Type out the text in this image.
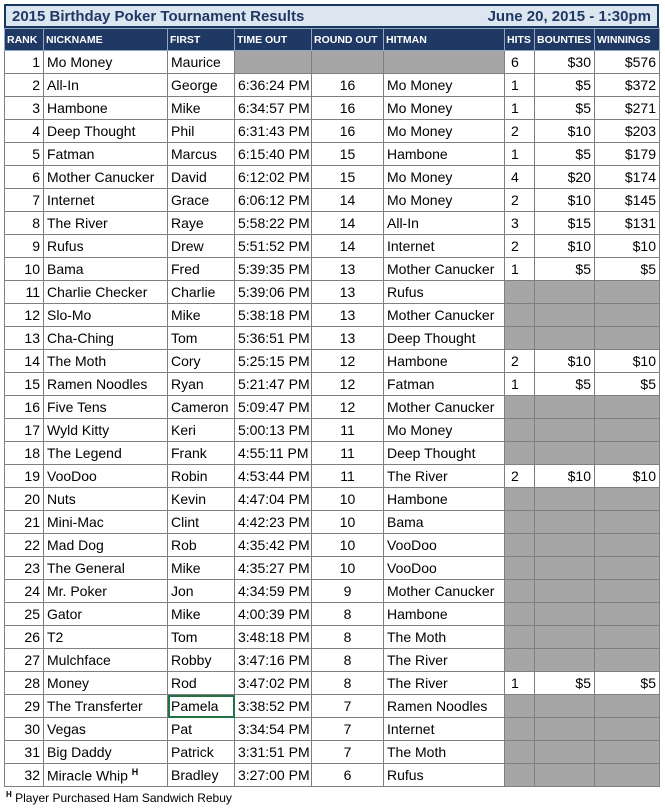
2015 Birthday Poker Tournament Results	June 20, 2015 - 1:30pm
RANK	NICKNAME	FIRST	TIME OUT	ROUND OUT	HITMAN	HITS	BOUNTIES	WINNINGS
1	Mo Money	Maurice				6	$30	$576
2	All-In	George	6:36:24 PM	16	Mo Money	1	$5	$372
3	Hambone	Mike	6:34:57 PM	16	Mo Money	1	$5	$271
4	Deep Thought	Phil	6:31:43 PM	16	Mo Money	2	$10	$203
5	Fatman	Marcus	6:15:40 PM	15	Hambone	1	$5	$179
6	Mother Canucker	David	6:12:02 PM	15	Mo Money	4	$20	$174
7	Internet	Grace	6:06:12 PM	14	Mo Money	2	$10	$145
8	The River	Raye	5:58:22 PM	14	All-In	3	$15	$131
9	Rufus	Drew	5:51:52 PM	14	Internet	2	$10	$10
10	Bama	Fred	5:39:35 PM	13	Mother Canucker	1	$5	$5
11	Charlie Checker	Charlie	5:39:06 PM	13	Rufus			
12	Slo-Mo	Mike	5:38:18 PM	13	Mother Canucker			
13	Cha-Ching	Tom	5:36:51 PM	13	Deep Thought			
14	The Moth	Cory	5:25:15 PM	12	Hambone	2	$10	$10
15	Ramen Noodles	Ryan	5:21:47 PM	12	Fatman	1	$5	$5
16	Five Tens	Cameron	5:09:47 PM	12	Mother Canucker			
17	Wyld Kitty	Keri	5:00:13 PM	11	Mo Money			
18	The Legend	Frank	4:55:11 PM	11	Deep Thought			
19	VooDoo	Robin	4:53:44 PM	11	The River	2	$10	$10
20	Nuts	Kevin	4:47:04 PM	10	Hambone			
21	Mini-Mac	Clint	4:42:23 PM	10	Bama			
22	Mad Dog	Rob	4:35:42 PM	10	VooDoo			
23	The General	Mike	4:35:27 PM	10	VooDoo			
24	Mr. Poker	Jon	4:34:59 PM	9	Mother Canucker			
25	Gator	Mike	4:00:39 PM	8	Hambone			
26	T2	Tom	3:48:18 PM	8	The Moth			
27	Mulchface	Robby	3:47:16 PM	8	The River			
28	Money	Rod	3:47:02 PM	8	The River	1	$5	$5
29	The Transferter	Pamela	3:38:52 PM	7	Ramen Noodles			
30	Vegas	Pat	3:34:54 PM	7	Internet			
31	Big Daddy	Patrick	3:31:51 PM	7	The Moth			
32	Miracle Whip $^H$	Bradley	3:27:00 PM	6	Rufus			
$^H$ Player Purchased Ham Sandwich Rebuy
